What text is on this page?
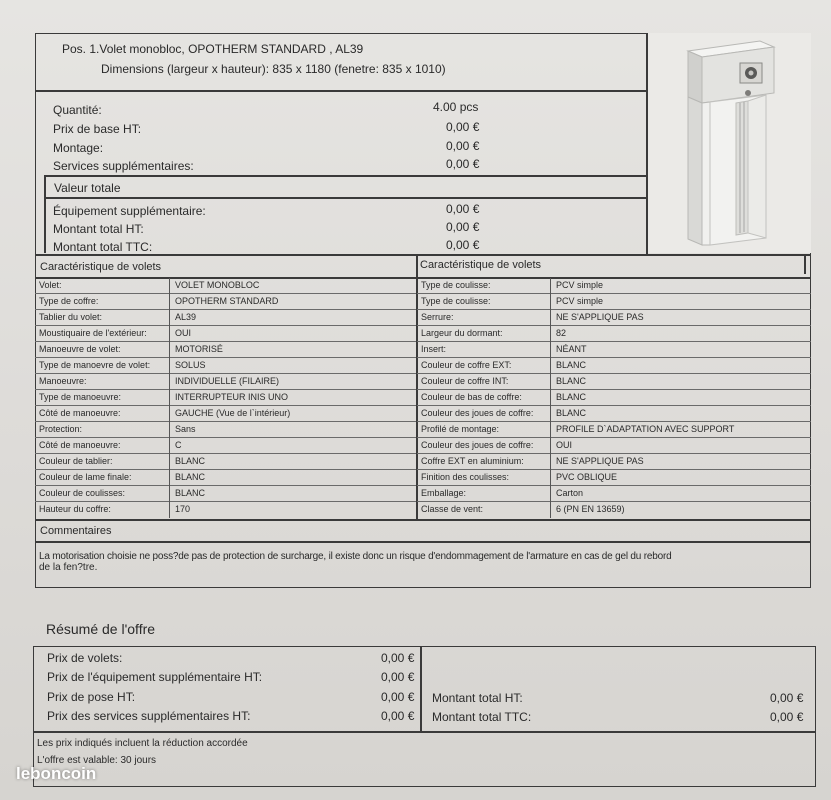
Pos. 1.Volet monobloc, OPOTHERM STANDARD , AL39
Dimensions (largeur x hauteur): 835 x 1180 (fenetre: 835 x 1010)
Quantité:	4.00 pcs
Prix de base HT:	0,00 €
Montage:	0,00 €
Services supplémentaires:	0,00 €
Valeur totale
Équipement supplémentaire:	0,00 €
Montant total HT:	0,00 €
Montant total TTC:	0,00 €
Caractéristique de volets	Caractéristique de volets
Volet:	VOLET MONOBLOC
Type de coffre:	OPOTHERM STANDARD
Tablier du volet:	AL39
Moustiquaire de l'extérieur:	OUI
Manoeuvre de volet:	MOTORISÉ
Type de manoevre de volet:	SOLUS
Manoeuvre:	INDIVIDUELLE (FILAIRE)
Type de manoeuvre:	INTERRUPTEUR INIS UNO
Côté de manoeuvre:	GAUCHE (Vue de l`intérieur)
Protection:	Sans
Côté de manoeuvre:	C
Couleur de tablier:	BLANC
Couleur de lame finale:	BLANC
Couleur de coulisses:	BLANC
Hauteur du coffre:	170
Type de coulisse:	PCV simple
Type de coulisse:	PCV simple
Serrure:	NE S'APPLIQUE PAS
Largeur du dormant:	82
Insert:	NÉANT
Couleur de coffre EXT:	BLANC
Couleur de coffre INT:	BLANC
Couleur de bas de coffre:	BLANC
Couleur des joues de coffre:	BLANC
Profilé de montage:	PROFILE D`ADAPTATION AVEC SUPPORT
Couleur des joues de coffre:	OUI
Coffre EXT en aluminium:	NE S'APPLIQUE PAS
Finition des coulisses:	PVC OBLIQUE
Emballage:	Carton
Classe de vent:	6 (PN EN 13659)
Commentaires
La motorisation choisie ne poss?de pas de protection de surcharge, il existe donc un risque d'endommagement de l'armature en cas de gel du rebord
de la fen?tre.
Résumé de l'offre
Prix de volets:	0,00 €
Prix de l'équipement supplémentaire HT:	0,00 €
Prix de pose HT:	0,00 €
Prix des services supplémentaires HT:	0,00 €
Montant total HT:	0,00 €
Montant total TTC:	0,00 €
Les prix indiqués incluent la réduction accordée
L'offre est valable: 30 jours
leboncoin
